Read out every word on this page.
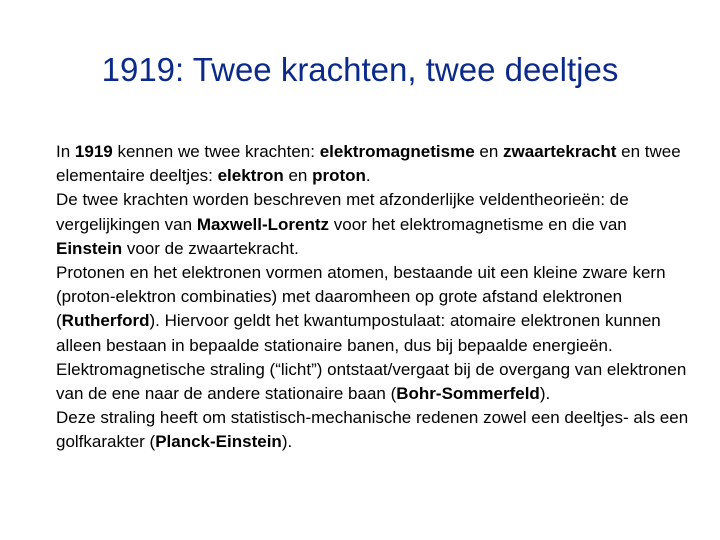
1919: Twee krachten, twee deeltjes
In 1919 kennen we twee krachten: elektromagnetisme en zwaartekracht en twee elementaire deeltjes: elektron en proton.
De twee krachten worden beschreven met afzonderlijke veldentheorieën: de vergelijkingen van Maxwell-Lorentz voor het elektromagnetisme en die van Einstein voor de zwaartekracht.
Protonen en het elektronen vormen atomen, bestaande uit een kleine zware kern (proton-elektron combinaties) met daaromheen op grote afstand elektronen (Rutherford). Hiervoor geldt het kwantumpostulaat: atomaire elektronen kunnen alleen bestaan in bepaalde stationaire banen, dus bij bepaalde energieën. Elektromagnetische straling (“licht”) ontstaat/vergaat bij de overgang van elektronen van de ene naar de andere stationaire baan (Bohr-Sommerfeld).
Deze straling heeft om statistisch-mechanische redenen zowel een deeltjes- als een golfkarakter (Planck-Einstein).
